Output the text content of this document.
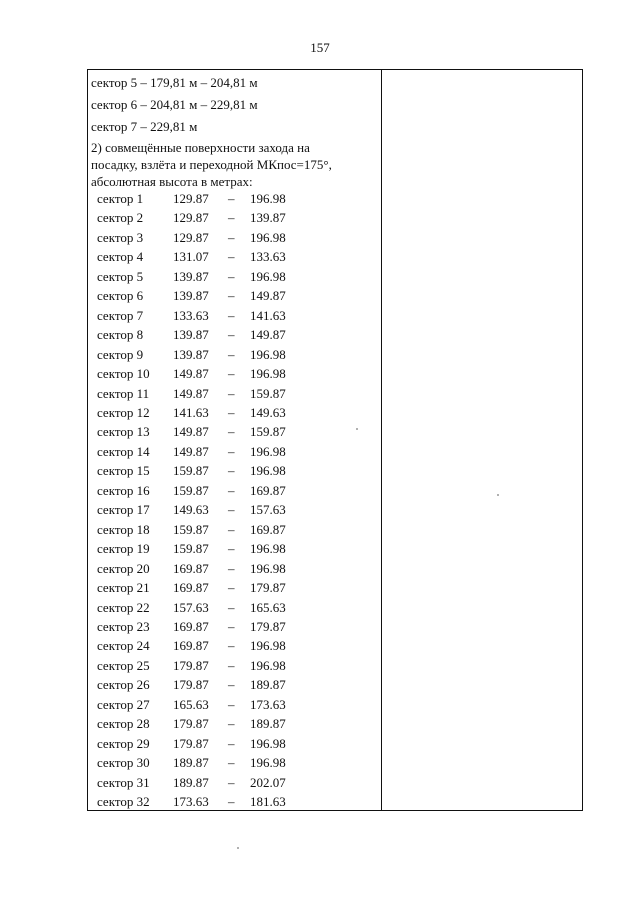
157
сектор 5 – 179,81 м – 204,81 м
сектор 6 – 204,81 м – 229,81 м
сектор 7 – 229,81 м
2) совмещённые поверхности захода на
посадку, взлёта и переходной МКпос=175°,
абсолютная высота в метрах:
сектор 1 129.87 – 196.98
сектор 2 129.87 – 139.87
сектор 3 129.87 – 196.98
сектор 4 131.07 – 133.63
сектор 5 139.87 – 196.98
сектор 6 139.87 – 149.87
сектор 7 133.63 – 141.63
сектор 8 139.87 – 149.87
сектор 9 139.87 – 196.98
сектор 10 149.87 – 196.98
сектор 11 149.87 – 159.87
сектор 12 141.63 – 149.63
сектор 13 149.87 – 159.87
сектор 14 149.87 – 196.98
сектор 15 159.87 – 196.98
сектор 16 159.87 – 169.87
сектор 17 149.63 – 157.63
сектор 18 159.87 – 169.87
сектор 19 159.87 – 196.98
сектор 20 169.87 – 196.98
сектор 21 169.87 – 179.87
сектор 22 157.63 – 165.63
сектор 23 169.87 – 179.87
сектор 24 169.87 – 196.98
сектор 25 179.87 – 196.98
сектор 26 179.87 – 189.87
сектор 27 165.63 – 173.63
сектор 28 179.87 – 189.87
сектор 29 179.87 – 196.98
сектор 30 189.87 – 196.98
сектор 31 189.87 – 202.07
сектор 32 173.63 – 181.63
